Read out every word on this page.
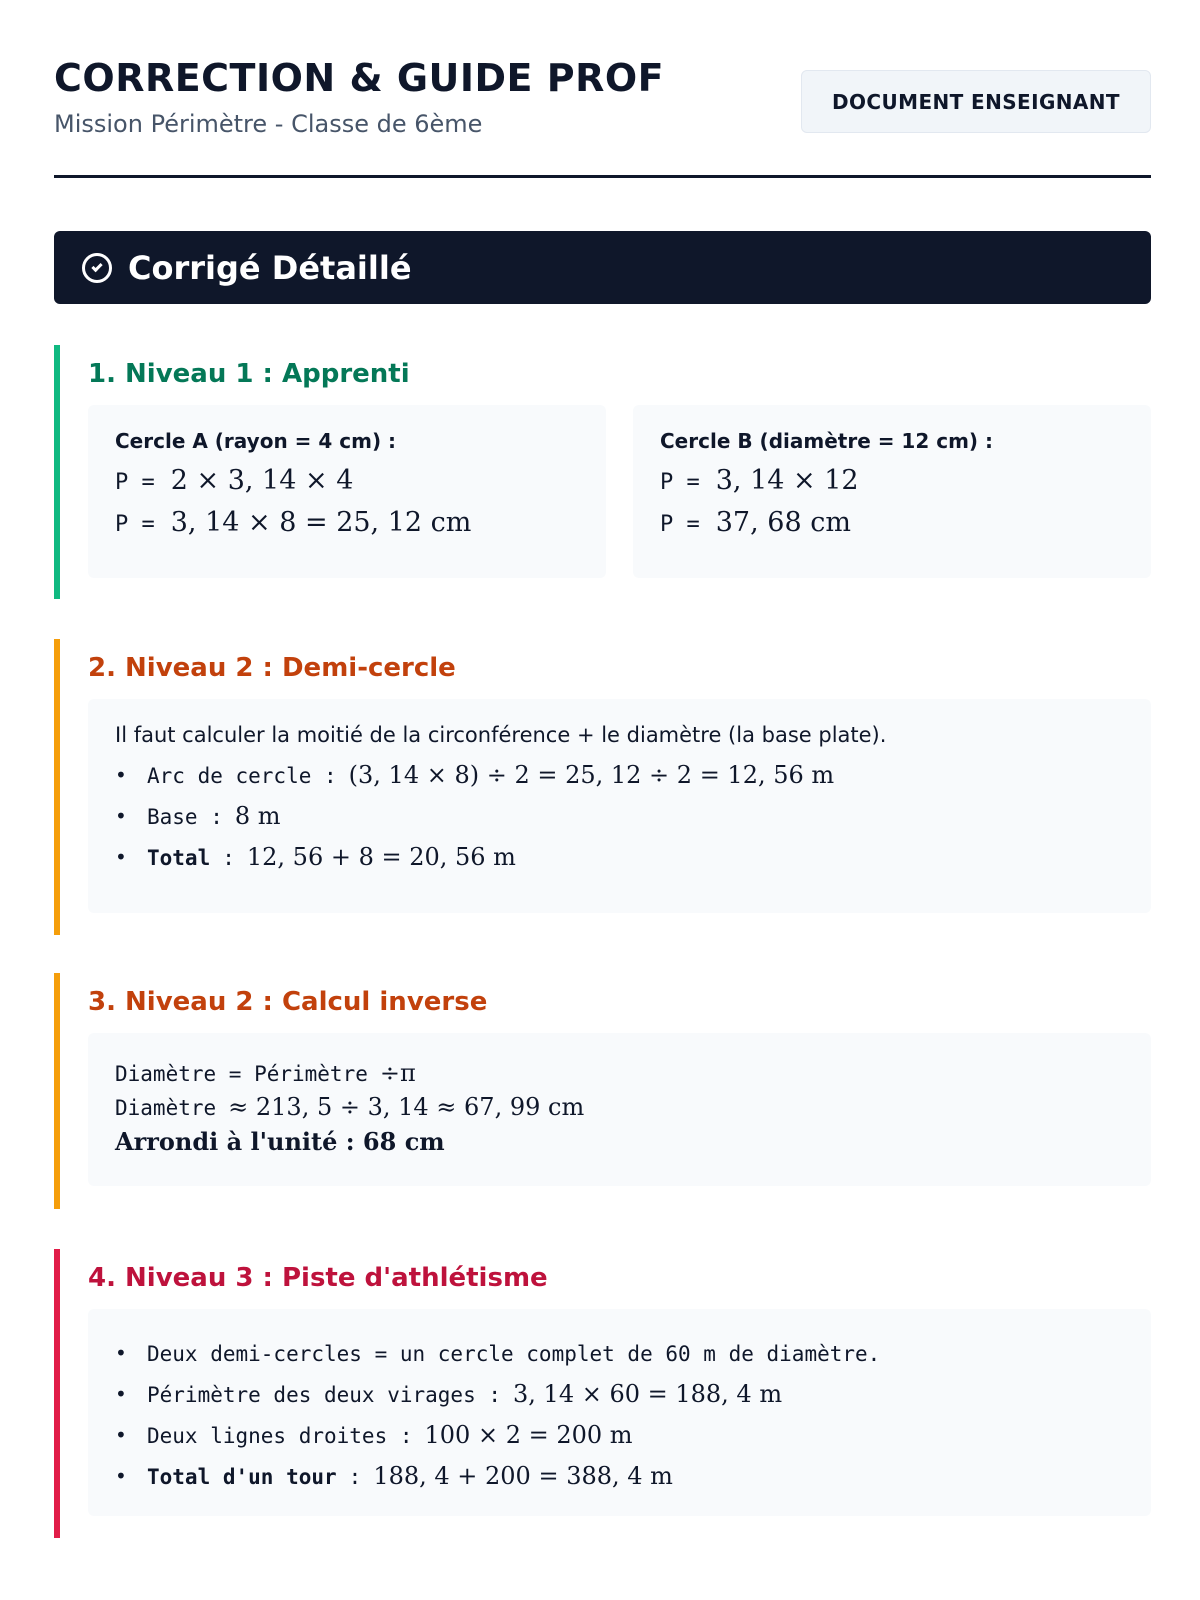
CORRECTION & GUIDE PROF
Mission Périmètre - Classe de 6ème
DOCUMENT ENSEIGNANT
Corrigé Détaillé
1. Niveau 1 : Apprenti
Cercle A (rayon = 4 cm) :
P = 2 × 3, 14 × 4
P = 3, 14 × 8 = 25, 12 cm
Cercle B (diamètre = 12 cm) :
P = 3, 14 × 12
P = 37, 68 cm
2. Niveau 2 : Demi-cercle
Il faut calculer la moitié de la circonférence + le diamètre (la base plate).
• Arc de cercle : (3, 14 × 8) ÷ 2 = 25, 12 ÷ 2 = 12, 56 m
• Base : 8 m
• Total : 12, 56 + 8 = 20, 56 m
3. Niveau 2 : Calcul inverse
Diamètre = Périmètre ÷π
Diamètre ≈ 213, 5 ÷ 3, 14 ≈ 67, 99 cm
Arrondi à l'unité : 68 cm
4. Niveau 3 : Piste d'athlétisme
• Deux demi-cercles = un cercle complet de 60 m de diamètre.
• Périmètre des deux virages : 3, 14 × 60 = 188, 4 m
• Deux lignes droites : 100 × 2 = 200 m
• Total d'un tour : 188, 4 + 200 = 388, 4 m
